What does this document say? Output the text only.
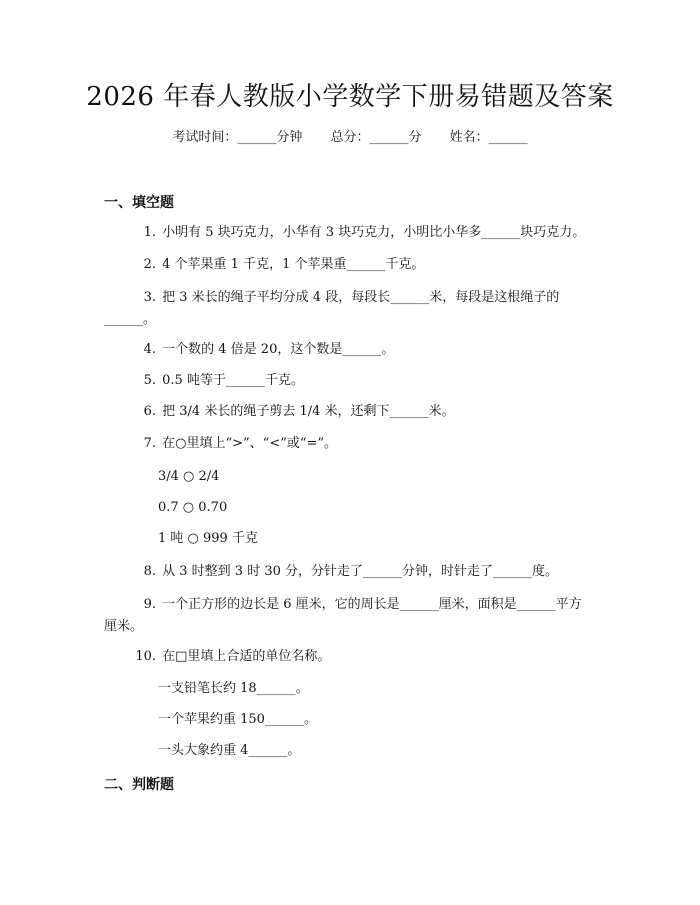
2026 年春人教版小学数学下册易错题及答案
考试时间：______分钟 总分：______分 姓名：______
一、填空题
1. 小明有 5 块巧克力，小华有 3 块巧克力，小明比小华多______块巧克力。
2. 4 个苹果重 1 千克，1 个苹果重______千克。
3. 把 3 米长的绳子平均分成 4 段，每段长______米，每段是这根绳子的
______。
4. 一个数的 4 倍是 20，这个数是______。
5. 0.5 吨等于______千克。
6. 把 3/4 米长的绳子剪去 1/4 米，还剩下______米。
7. 在○里填上“>”、“<”或“=”。
3/4 ○ 2/4
0.7 ○ 0.70
1 吨 ○ 999 千克
8. 从 3 时整到 3 时 30 分，分针走了______分钟，时针走了______度。
9. 一个正方形的边长是 6 厘米，它的周长是______厘米，面积是______平方
厘米。
10. 在□里填上合适的单位名称。
一支铅笔长约 18______。
一个苹果约重 150______。
一头大象约重 4______。
二、判断题
